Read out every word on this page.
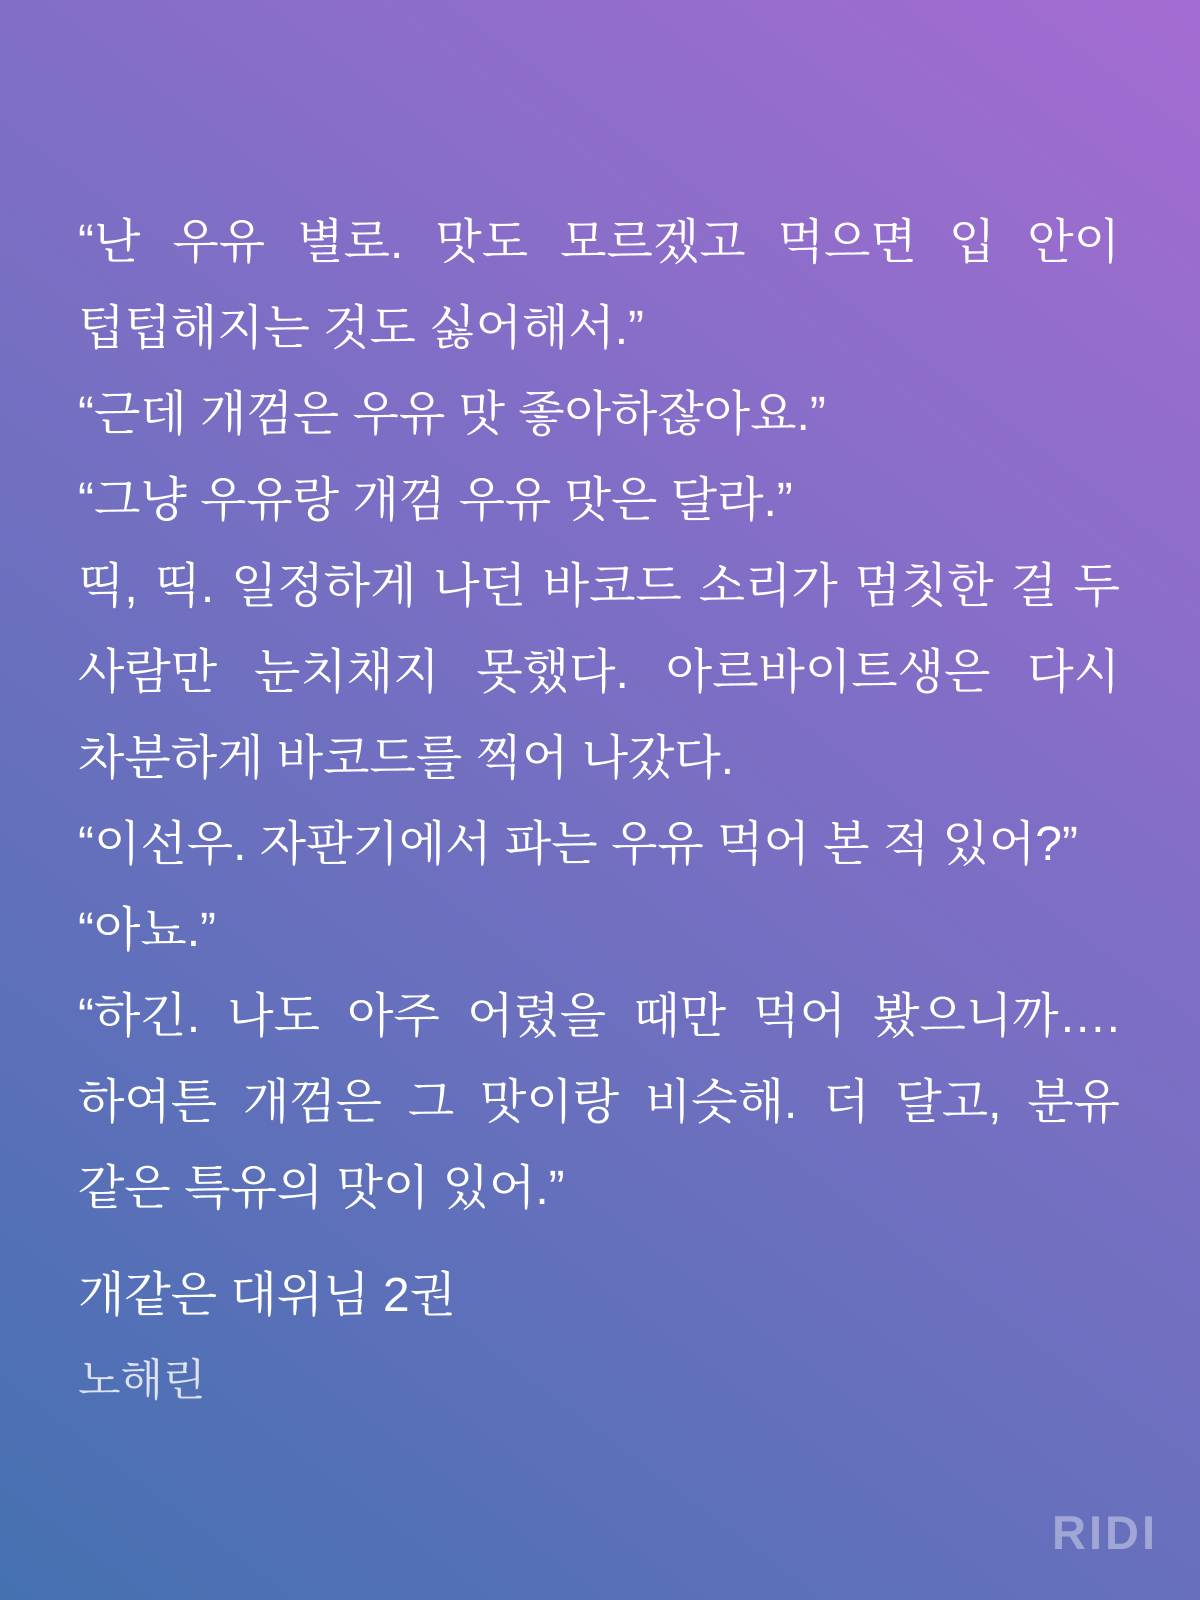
“난 우유 별로. 맛도 모르겠고 먹으면 입 안이 텁텁해지는 것도 싫어해서.”

“근데 개껌은 우유 맛 좋아하잖아요.”

“그냥 우유랑 개껌 우유 맛은 달라.”

띡, 띡. 일정하게 나던 바코드 소리가 멈칫한 걸 두 사람만 눈치채지 못했다. 아르바이트생은 다시 차분하게 바코드를 찍어 나갔다.

“이선우. 자판기에서 파는 우유 먹어 본 적 있어?”

“아뇨.”

“하긴. 나도 아주 어렸을 때만 먹어 봤으니까…. 하여튼 개껌은 그 맛이랑 비슷해. 더 달고, 분유 같은 특유의 맛이 있어.”

개같은 대위님 2권
노해린
RIDI
